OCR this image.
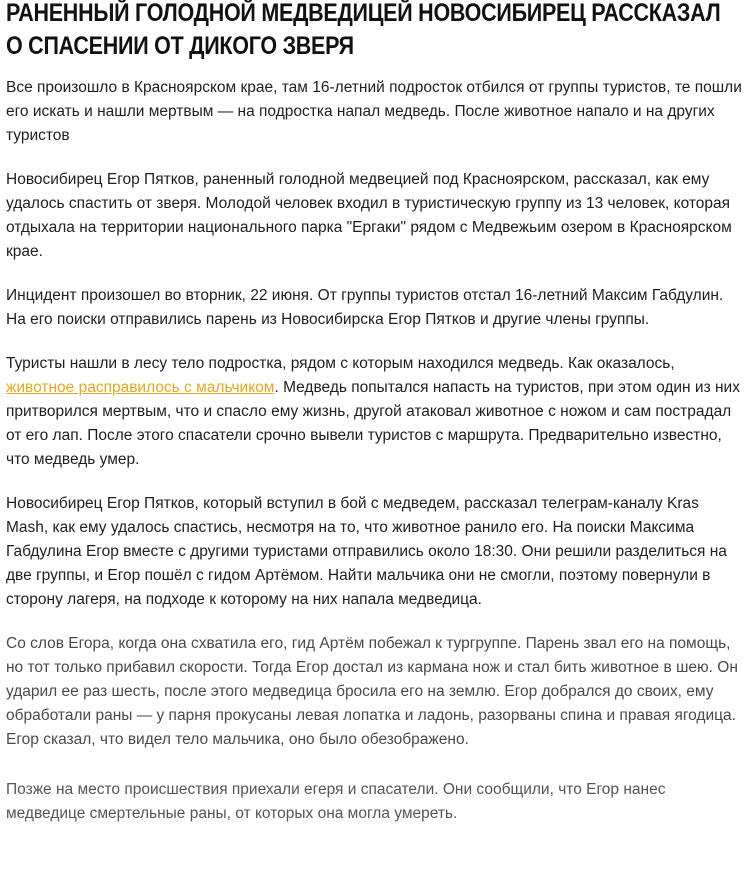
РАНЕННЫЙ ГОЛОДНОЙ МЕДВЕДИЦЕЙ НОВОСИБИРЕЦ РАССКАЗАЛ
О СПАСЕНИИ ОТ ДИКОГО ЗВЕРЯ

Все произошло в Красноярском крае, там 16-летний подросток отбился от группы туристов, те пошли его искать и нашли мертвым — на подростка напал медведь. После животное напало и на других туристов

Новосибирец Егор Пятков, раненный голодной медвецией под Красноярском, рассказал, как ему удалось спастить от зверя. Молодой человек входил в туристическую группу из 13 человек, которая отдыхала на территории национального парка "Ергаки" рядом с Медвежьим озером в Красноярском крае.

Инцидент произошел во вторник, 22 июня. От группы туристов отстал 16-летний Максим Габдулин. На его поиски отправились парень из Новосибирска Егор Пятков и другие члены группы.

Туристы нашли в лесу тело подростка, рядом с которым находился медведь. Как оказалось, животное расправилось с мальчиком. Медведь попытался напасть на туристов, при этом один из них притворился мертвым, что и спасло ему жизнь, другой атаковал животное с ножом и сам пострадал от его лап. После этого спасатели срочно вывели туристов с маршрута. Предварительно известно, что медведь умер.

Новосибирец Егор Пятков, который вступил в бой с медведем, рассказал телеграм-каналу Kras Mash, как ему удалось спастись, несмотря на то, что животное ранило его. На поиски Максима Габдулина Егор вместе с другими туристами отправились около 18:30. Они решили разделиться на две группы, и Егор пошёл с гидом Артёмом. Найти мальчика они не смогли, поэтому повернули в сторону лагеря, на подходе к которому на них напала медведица.

Со слов Егора, когда она схватила его, гид Артём побежал к тургруппе. Парень звал его на помощь, но тот только прибавил скорости. Тогда Егор достал из кармана нож и стал бить животное в шею. Он ударил ее раз шесть, после этого медведица бросила его на землю. Егор добрался до своих, ему обработали раны — у парня прокусаны левая лопатка и ладонь, разорваны спина и правая ягодица. Егор сказал, что видел тело мальчика, оно было обезображено.

Позже на место происшествия приехали егеря и спасатели. Они сообщили, что Егор нанес медведице смертельные раны, от которых она могла умереть.
